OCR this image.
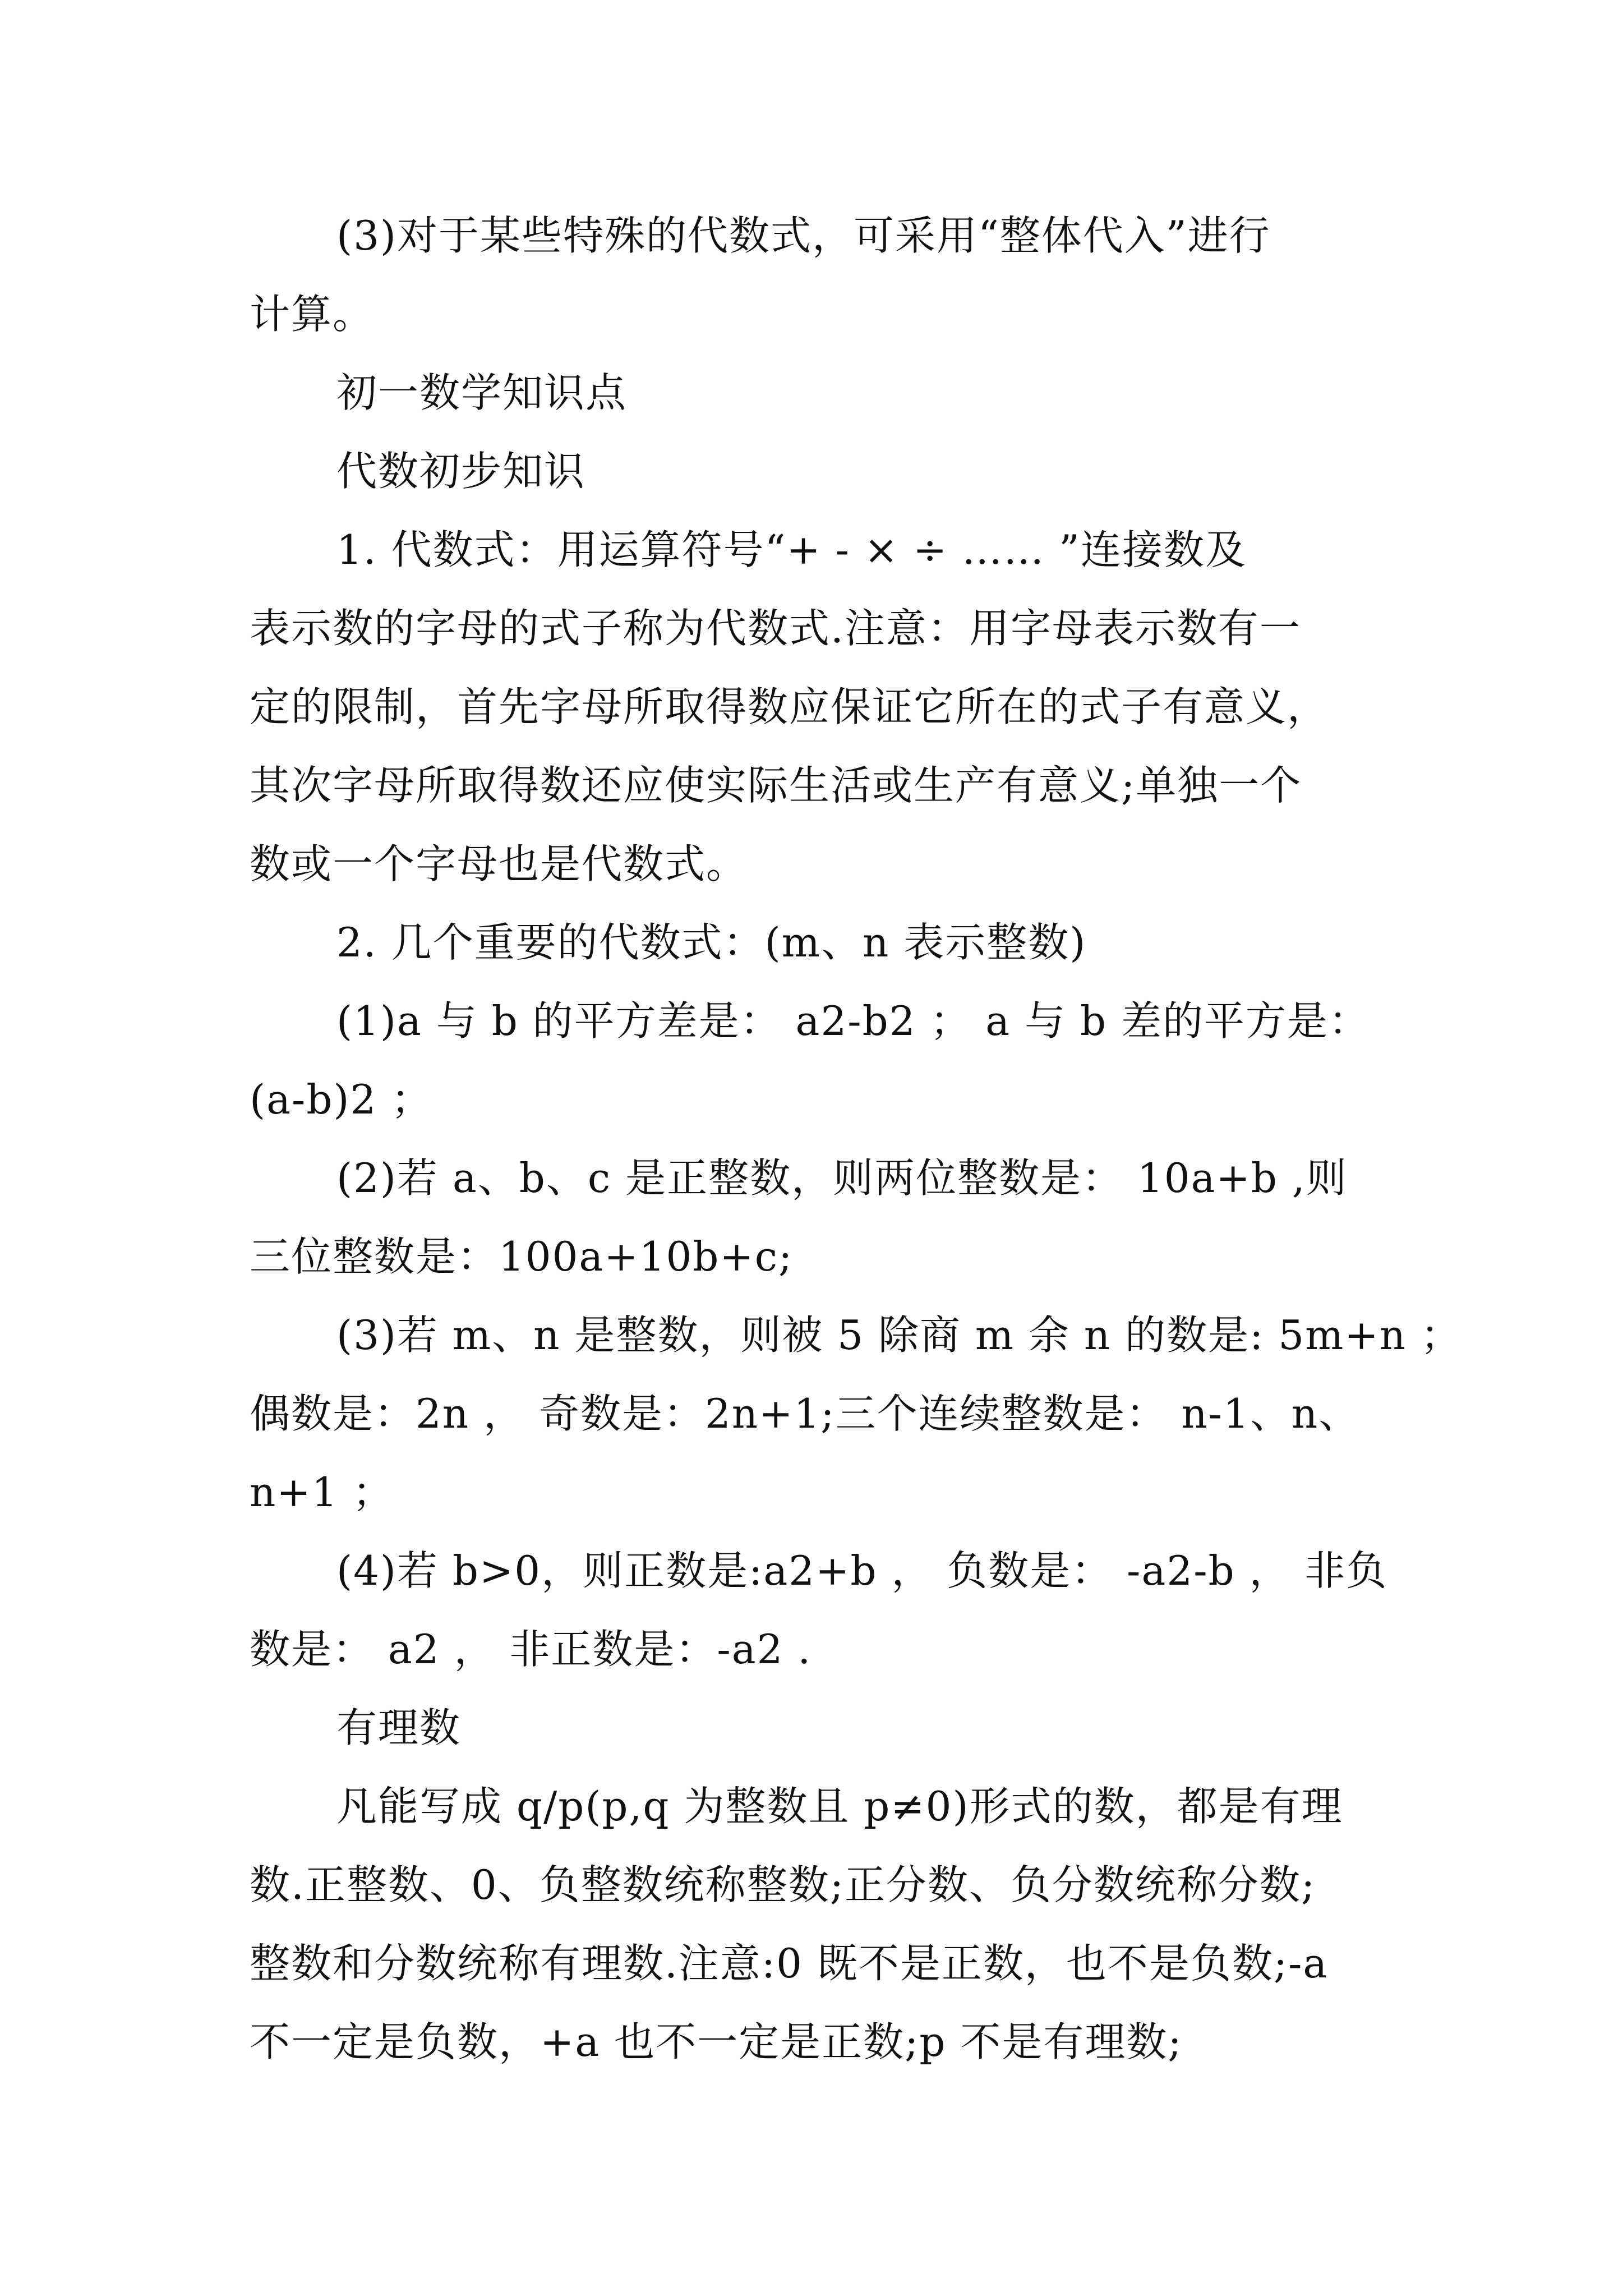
(3)对于某些特殊的代数式，可采用“整体代入”进行
计算。
初一数学知识点
代数初步知识
1. 代数式：用运算符号“+ - × ÷ …… ”连接数及
表示数的字母的式子称为代数式.注意：用字母表示数有一
定的限制，首先字母所取得数应保证它所在的式子有意义，
其次字母所取得数还应使实际生活或生产有意义;单独一个
数或一个字母也是代数式。
2. 几个重要的代数式：(m、n 表示整数)
(1)a 与 b 的平方差是： a2-b2 ； a 与 b 差的平方是：
(a-b)2 ；
(2)若 a、b、c 是正整数，则两位整数是： 10a+b ,则
三位整数是：100a+10b+c;
(3)若 m、n 是整数，则被 5 除商 m 余 n 的数是: 5m+n ；
偶数是：2n ， 奇数是：2n+1;三个连续整数是： n-1、n、
n+1 ；
(4)若 b>0，则正数是:a2+b ， 负数是： -a2-b ， 非负
数是： a2 ， 非正数是：-a2 .
有理数
凡能写成 q/p(p,q 为整数且 p≠0)形式的数，都是有理
数.正整数、0、负整数统称整数;正分数、负分数统称分数;
整数和分数统称有理数.注意:0 既不是正数，也不是负数;-a
不一定是负数，+a 也不一定是正数;p 不是有理数;
